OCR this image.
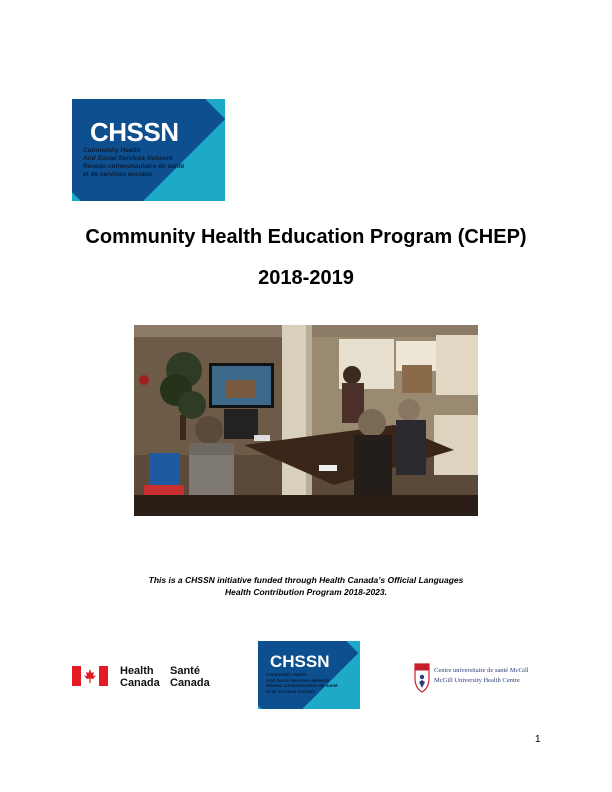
CHSSN
Community Health
And Social Services Network
Réseau communautaire de santé
et de services sociaux
Community Health Education Program (CHEP)
2018-2019
This is a CHSSN initiative funded through Health Canada’s Official Languages
Health Contribution Program 2018-2023.
Health
Canada
Santé
Canada
CHSSN
Community Health
And Social Services Network
Réseau communautaire de santé
et de services sociaux
Centre universitaire de santé McGill
McGill University Health Centre
1
